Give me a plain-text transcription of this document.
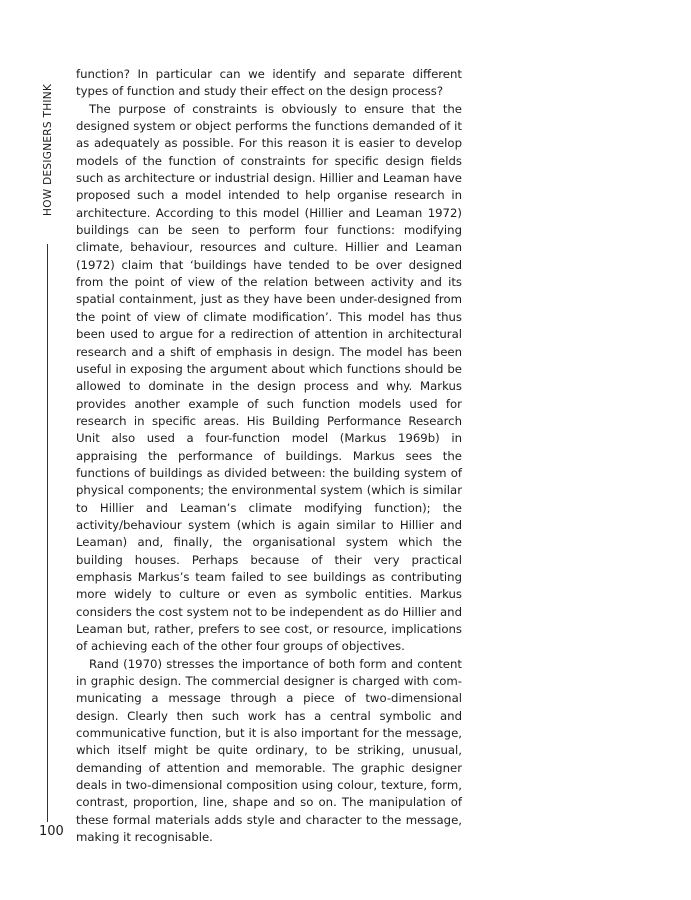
HOW DESIGNERS THINK

function? In particular can we identify and separate different types of function and study their effect on the design process?

The purpose of constraints is obviously to ensure that the designed system or object performs the functions demanded of it as adequately as possible. For this reason it is easier to develop models of the function of constraints for specific design fields such as architecture or industrial design. Hillier and Leaman have proposed such a model intended to help organise research in architecture. According to this model (Hillier and Leaman 1972) buildings can be seen to perform four functions: modifying climate, behaviour, resources and culture. Hillier and Leaman (1972) claim that ‘buildings have tended to be over designed from the point of view of the relation between activity and its spatial containment, just as they have been under-designed from the point of view of climate modification’. This model has thus been used to argue for a redirection of attention in architectural research and a shift of emphasis in design. The model has been useful in exposing the argument about which functions should be allowed to dominate in the design process and why. Markus provides another example of such function models used for research in specific areas. His Building Performance Research Unit also used a four-function model (Markus 1969b) in appraising the performance of buildings. Markus sees the functions of buildings as divided between: the building system of physical components; the environmental system (which is similar to Hillier and Leaman’s climate modifying function); the activity/behaviour system (which is again similar to Hillier and Leaman) and, finally, the organisational system which the building houses. Perhaps because of their very practical emphasis Markus’s team failed to see buildings as contributing more widely to culture or even as symbolic entities. Markus considers the cost system not to be independent as do Hillier and Leaman but, rather, prefers to see cost, or resource, implications of achieving each of the other four groups of objectives.

Rand (1970) stresses the importance of both form and content in graphic design. The commercial designer is charged with communicating a message through a piece of two-dimensional design. Clearly then such work has a central symbolic and communicative function, but it is also important for the message, which itself might be quite ordinary, to be striking, unusual, demanding of attention and memorable. The graphic designer deals in two-dimensional composition using colour, texture, form, contrast, proportion, line, shape and so on. The manipulation of these formal materials adds style and character to the message, making it recognisable.

100
